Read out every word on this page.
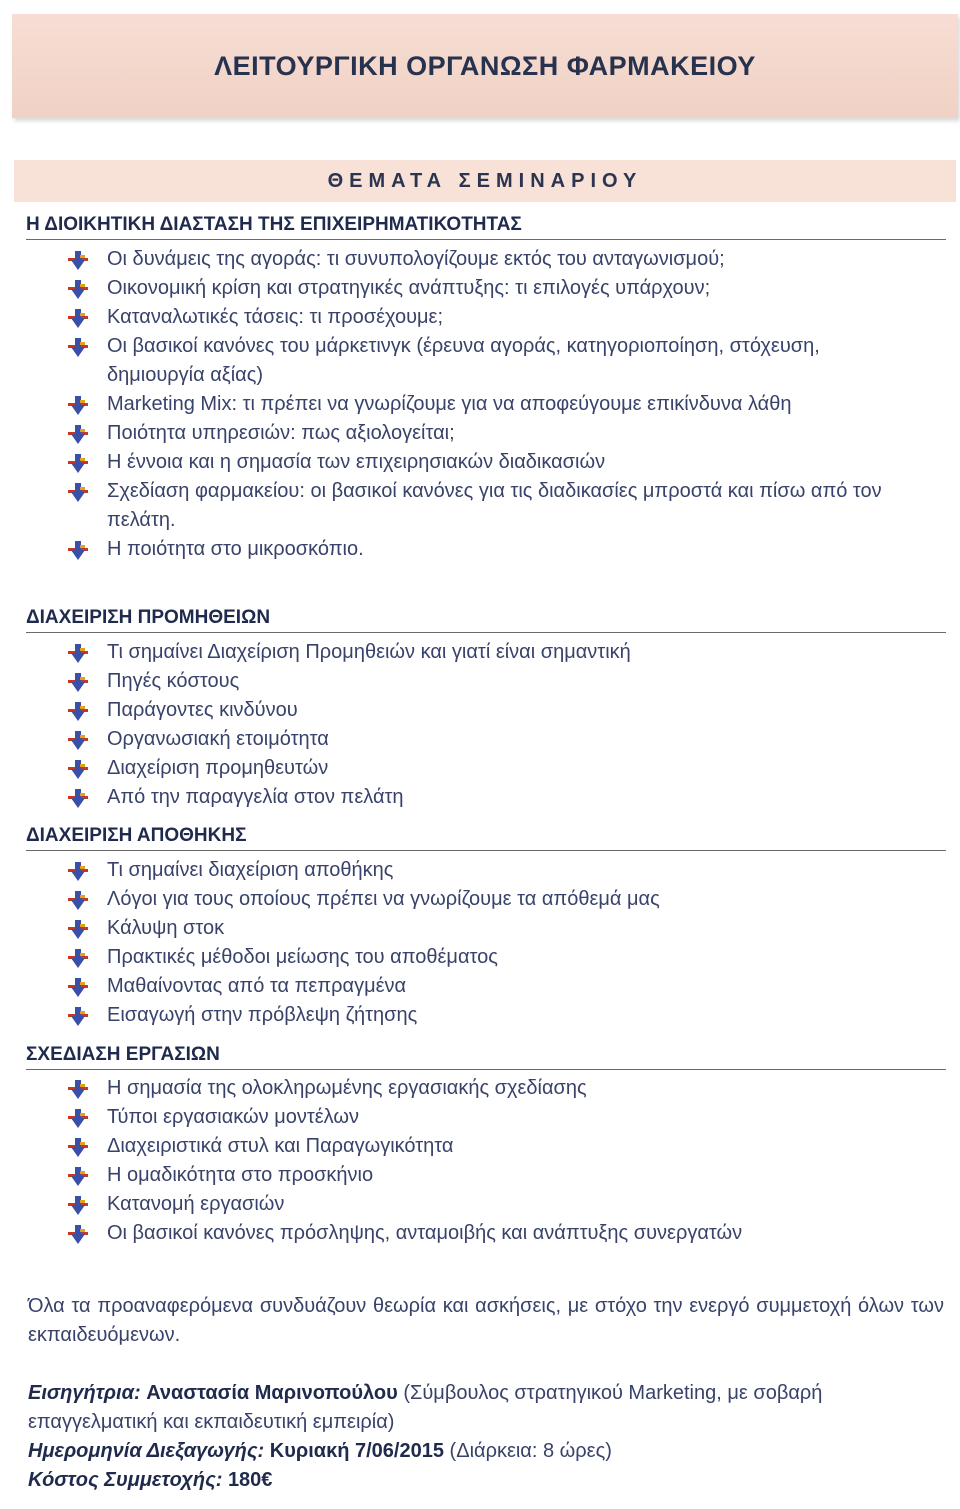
ΛΕΙΤΟΥΡΓΙΚΗ ΟΡΓΑΝΩΣΗ ΦΑΡΜΑΚΕΙΟΥ
ΘΕΜΑΤΑ ΣΕΜΙΝΑΡΙΟΥ
Η ΔΙΟΙΚΗΤΙΚΗ ΔΙΑΣΤΑΣΗ ΤΗΣ ΕΠΙΧΕΙΡΗΜΑΤΙΚΟΤΗΤΑΣ
Οι δυνάμεις της αγοράς: τι συνυπολογίζουμε εκτός του ανταγωνισμού;
Οικονομική κρίση και στρατηγικές ανάπτυξης: τι επιλογές υπάρχουν;
Καταναλωτικές τάσεις: τι προσέχουμε;
Οι βασικοί κανόνες του μάρκετινγκ (έρευνα αγοράς, κατηγοριοποίηση, στόχευση, δημιουργία αξίας)
Marketing Mix: τι πρέπει να γνωρίζουμε για να αποφεύγουμε επικίνδυνα λάθη
Ποιότητα υπηρεσιών: πως αξιολογείται;
Η έννοια και η σημασία των επιχειρησιακών διαδικασιών
Σχεδίαση φαρμακείου: οι βασικοί κανόνες για τις διαδικασίες μπροστά και πίσω από τον πελάτη.
Η ποιότητα στο μικροσκόπιο.
ΔΙΑΧΕΙΡΙΣΗ ΠΡΟΜΗΘΕΙΩΝ
Τι σημαίνει Διαχείριση Προμηθειών και γιατί είναι σημαντική
Πηγές κόστους
Παράγοντες κινδύνου
Οργανωσιακή ετοιμότητα
Διαχείριση προμηθευτών
Από την παραγγελία στον πελάτη
ΔΙΑΧΕΙΡΙΣΗ ΑΠΟΘΗΚΗΣ
Τι σημαίνει διαχείριση αποθήκης
Λόγοι για τους οποίους πρέπει να γνωρίζουμε τα απόθεμά μας
Κάλυψη στοκ
Πρακτικές μέθοδοι μείωσης του αποθέματος
Μαθαίνοντας από τα πεπραγμένα
Εισαγωγή στην πρόβλεψη ζήτησης
ΣΧΕΔΙΑΣΗ ΕΡΓΑΣΙΩΝ
Η σημασία της ολοκληρωμένης εργασιακής σχεδίασης
Τύποι εργασιακών μοντέλων
Διαχειριστικά στυλ και Παραγωγικότητα
Η ομαδικότητα στο προσκήνιο
Κατανομή εργασιών
Οι βασικοί κανόνες πρόσληψης, ανταμοιβής και ανάπτυξης συνεργατών
Όλα τα προαναφερόμενα συνδυάζουν θεωρία και ασκήσεις, με στόχο την ενεργό συμμετοχή όλων των εκπαιδευόμενων.
Εισηγήτρια: Αναστασία Μαρινοπούλου (Σύμβουλος στρατηγικού Marketing, με σοβαρή επαγγελματική και εκπαιδευτική εμπειρία)
Ημερομηνία Διεξαγωγής: Κυριακή 7/06/2015 (Διάρκεια: 8 ώρες)
Κόστος Συμμετοχής: 180€
